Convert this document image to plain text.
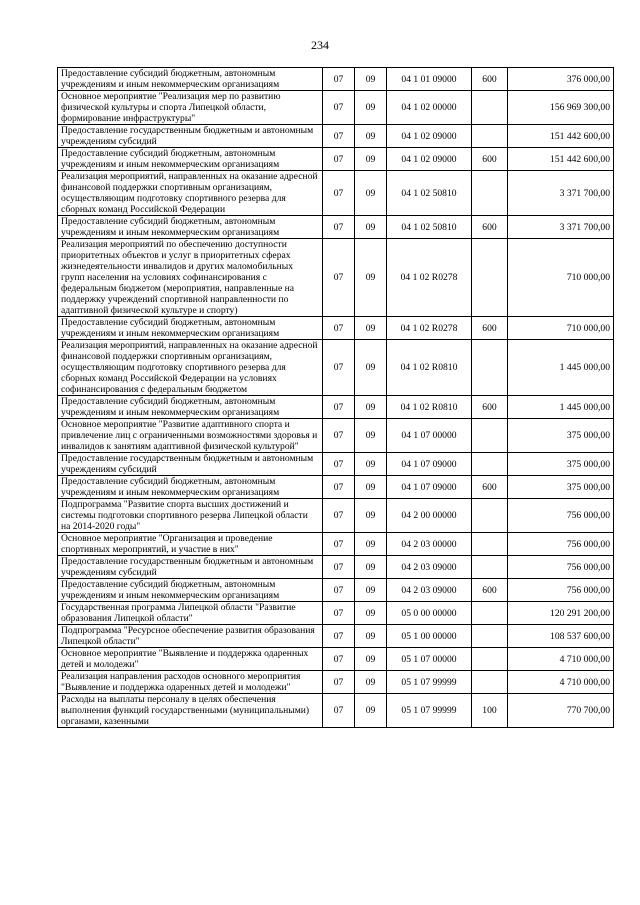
234
Предоставление субсидий бюджетным, автономным учреждениям и иным некоммерческим организациям	07	09	04 1 01 09000	600	376 000,00
Основное мероприятие "Реализация мер по развитию физической культуры и спорта Липецкой области, формирование инфраструктуры"	07	09	04 1 02 00000		156 969 300,00
Предоставление государственным бюджетным и автономным учреждениям субсидий	07	09	04 1 02 09000		151 442 600,00
Предоставление субсидий бюджетным, автономным учреждениям и иным некоммерческим организациям	07	09	04 1 02 09000	600	151 442 600,00
Реализация мероприятий, направленных на оказание адресной финансовой поддержки спортивным организациям, осуществляющим подготовку спортивного резерва для сборных команд Российской Федерации	07	09	04 1 02 50810		3 371 700,00
Предоставление субсидий бюджетным, автономным учреждениям и иным некоммерческим организациям	07	09	04 1 02 50810	600	3 371 700,00
Реализация мероприятий по обеспечению доступности приоритетных объектов и услуг в приоритетных сферах жизнедеятельности инвалидов и других маломобильных групп населения на условиях софинансирования с федеральным бюджетом (мероприятия, направленные на поддержку учреждений спортивной направленности по адаптивной физической культуре и спорту)	07	09	04 1 02 R0278		710 000,00
Предоставление субсидий бюджетным, автономным учреждениям и иным некоммерческим организациям	07	09	04 1 02 R0278	600	710 000,00
Реализация мероприятий, направленных на оказание адресной финансовой поддержки спортивным организациям, осуществляющим подготовку спортивного резерва для сборных команд Российской Федерации на условиях софинансирования с федеральным бюджетом	07	09	04 1 02 R0810		1 445 000,00
Предоставление субсидий бюджетным, автономным учреждениям и иным некоммерческим организациям	07	09	04 1 02 R0810	600	1 445 000,00
Основное мероприятие "Развитие адаптивного спорта и привлечение лиц с ограниченными возможностями здоровья и инвалидов к занятиям адаптивной физической культурой"	07	09	04 1 07 00000		375 000,00
Предоставление государственным бюджетным и автономным учреждениям субсидий	07	09	04 1 07 09000		375 000,00
Предоставление субсидий бюджетным, автономным учреждениям и иным некоммерческим организациям	07	09	04 1 07 09000	600	375 000,00
Подпрограмма "Развитие спорта высших достижений и системы подготовки спортивного резерва Липецкой области на 2014-2020 годы"	07	09	04 2 00 00000		756 000,00
Основное мероприятие "Организация и проведение спортивных мероприятий, и участие в них"	07	09	04 2 03 00000		756 000,00
Предоставление государственным бюджетным и автономным учреждениям субсидий	07	09	04 2 03 09000		756 000,00
Предоставление субсидий бюджетным, автономным учреждениям и иным некоммерческим организациям	07	09	04 2 03 09000	600	756 000,00
Государственная программа Липецкой области "Развитие образования Липецкой области"	07	09	05 0 00 00000		120 291 200,00
Подпрограмма "Ресурсное обеспечение развития образования Липецкой области"	07	09	05 1 00 00000		108 537 600,00
Основное мероприятие "Выявление и поддержка одаренных детей и молодежи"	07	09	05 1 07 00000		4 710 000,00
Реализация направления расходов основного мероприятия "Выявление и поддержка одаренных детей и молодежи"	07	09	05 1 07 99999		4 710 000,00
Расходы на выплаты персоналу в целях обеспечения выполнения функций государственными (муниципальными) органами, казенными	07	09	05 1 07 99999	100	770 700,00
